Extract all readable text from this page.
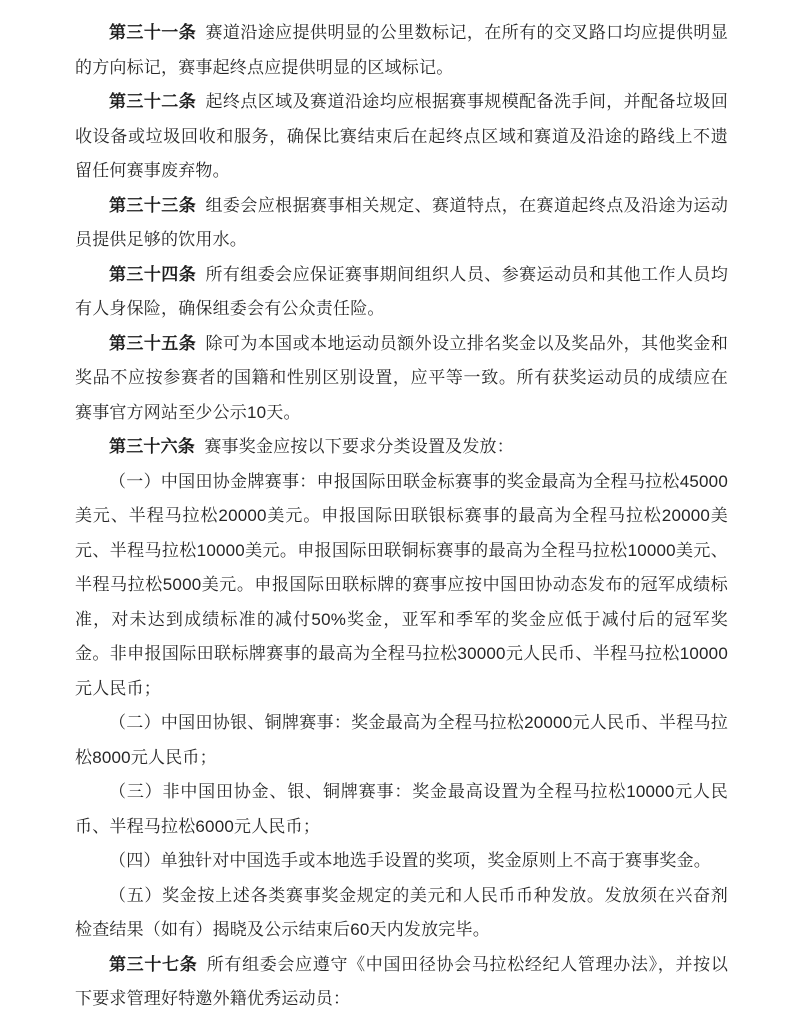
第三十一条 赛道沿途应提供明显的公里数标记，在所有的交叉路口均应提供明显的方向标记，赛事起终点应提供明显的区域标记。

第三十二条 起终点区域及赛道沿途均应根据赛事规模配备洗手间，并配备垃圾回收设备或垃圾回收和服务，确保比赛结束后在起终点区域和赛道及沿途的路线上不遗留任何赛事废弃物。

第三十三条 组委会应根据赛事相关规定、赛道特点，在赛道起终点及沿途为运动员提供足够的饮用水。

第三十四条 所有组委会应保证赛事期间组织人员、参赛运动员和其他工作人员均有人身保险，确保组委会有公众责任险。

第三十五条 除可为本国或本地运动员额外设立排名奖金以及奖品外，其他奖金和奖品不应按参赛者的国籍和性别区别设置，应平等一致。所有获奖运动员的成绩应在赛事官方网站至少公示10天。

第三十六条 赛事奖金应按以下要求分类设置及发放：

（一）中国田协金牌赛事：申报国际田联金标赛事的奖金最高为全程马拉松45000美元、半程马拉松20000美元。申报国际田联银标赛事的最高为全程马拉松20000美元、半程马拉松10000美元。申报国际田联铜标赛事的最高为全程马拉松10000美元、半程马拉松5000美元。申报国际田联标牌的赛事应按中国田协动态发布的冠军成绩标准，对未达到成绩标准的减付50%奖金，亚军和季军的奖金应低于减付后的冠军奖金。非申报国际田联标牌赛事的最高为全程马拉松30000元人民币、半程马拉松10000元人民币；

（二）中国田协银、铜牌赛事：奖金最高为全程马拉松20000元人民币、半程马拉松8000元人民币；

（三）非中国田协金、银、铜牌赛事：奖金最高设置为全程马拉松10000元人民币、半程马拉松6000元人民币；

（四）单独针对中国选手或本地选手设置的奖项，奖金原则上不高于赛事奖金。

（五）奖金按上述各类赛事奖金规定的美元和人民币币种发放。发放须在兴奋剂检查结果（如有）揭晓及公示结束后60天内发放完毕。

第三十七条 所有组委会应遵守《中国田径协会马拉松经纪人管理办法》，并按以下要求管理好特邀外籍优秀运动员：
